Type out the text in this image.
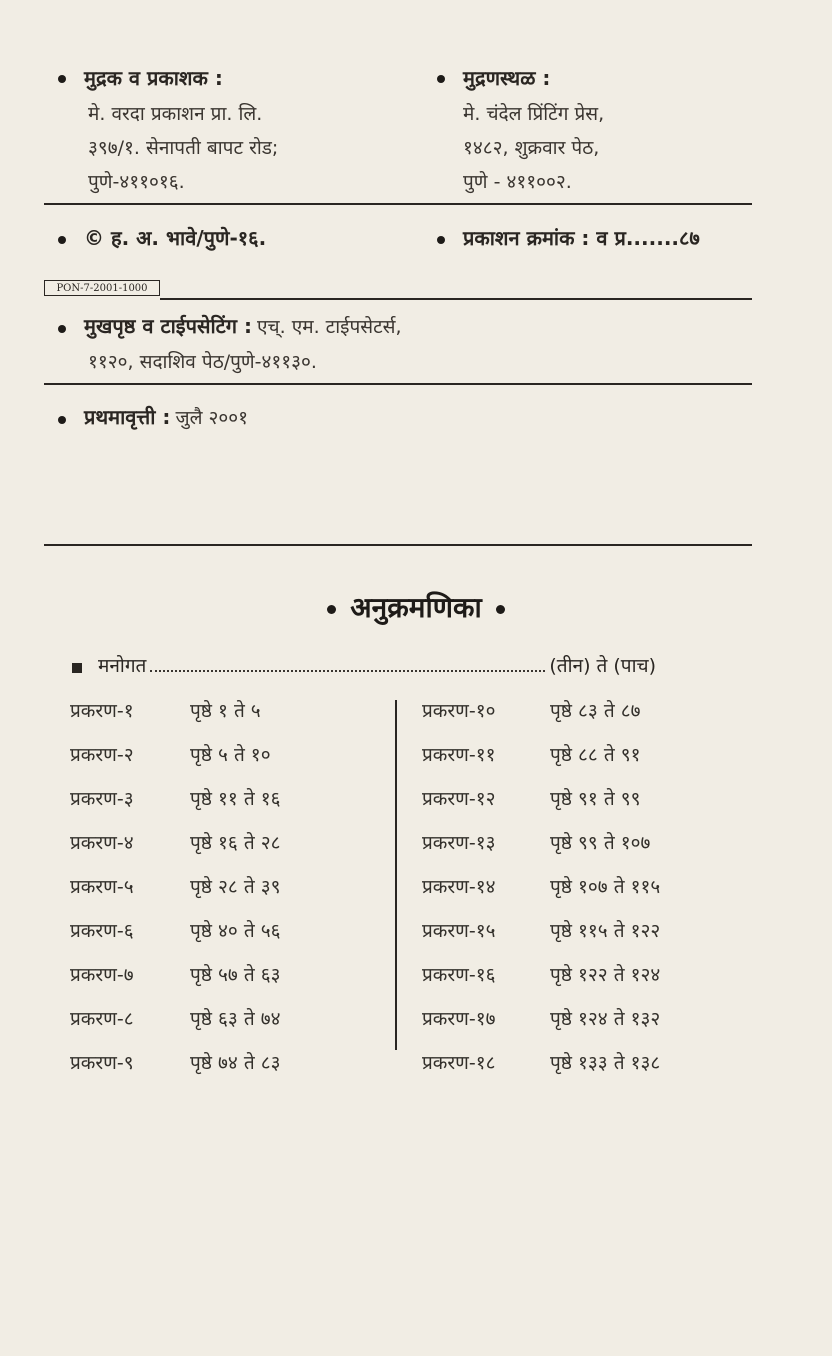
मुद्रक व प्रकाशक :
मे. वरदा प्रकाशन प्रा. लि.
३९७/१. सेनापती बापट रोड;
पुणे-४११०१६.
मुद्रणस्थळ :
मे. चंदेल प्रिंटिंग प्रेस,
१४८२, शुक्रवार पेठ,
पुणे - ४११००२.
© ह. अ. भावे/पुणे-१६.	प्रकाशन क्रमांक : व प्र.......८७
PON-7-2001-1000
मुखपृष्ठ व टाईपसेटिंग : एच्. एम. टाईपसेटर्स,
११२०, सदाशिव पेठ/पुणे-४११३०.
प्रथमावृत्ती : जुलै २००१
अनुक्रमणिका
मनोगत	(तीन) ते (पाच)
प्रकरण-१	पृष्ठे १ ते ५
प्रकरण-२	पृष्ठे ५ ते १०
प्रकरण-३	पृष्ठे ११ ते १६
प्रकरण-४	पृष्ठे १६ ते २८
प्रकरण-५	पृष्ठे २८ ते ३९
प्रकरण-६	पृष्ठे ४० ते ५६
प्रकरण-७	पृष्ठे ५७ ते ६३
प्रकरण-८	पृष्ठे ६३ ते ७४
प्रकरण-९	पृष्ठे ७४ ते ८३
प्रकरण-१०	पृष्ठे ८३ ते ८७
प्रकरण-११	पृष्ठे ८८ ते ९१
प्रकरण-१२	पृष्ठे ९१ ते ९९
प्रकरण-१३	पृष्ठे ९९ ते १०७
प्रकरण-१४	पृष्ठे १०७ ते ११५
प्रकरण-१५	पृष्ठे ११५ ते १२२
प्रकरण-१६	पृष्ठे १२२ ते १२४
प्रकरण-१७	पृष्ठे १२४ ते १३२
प्रकरण-१८	पृष्ठे १३३ ते १३८
